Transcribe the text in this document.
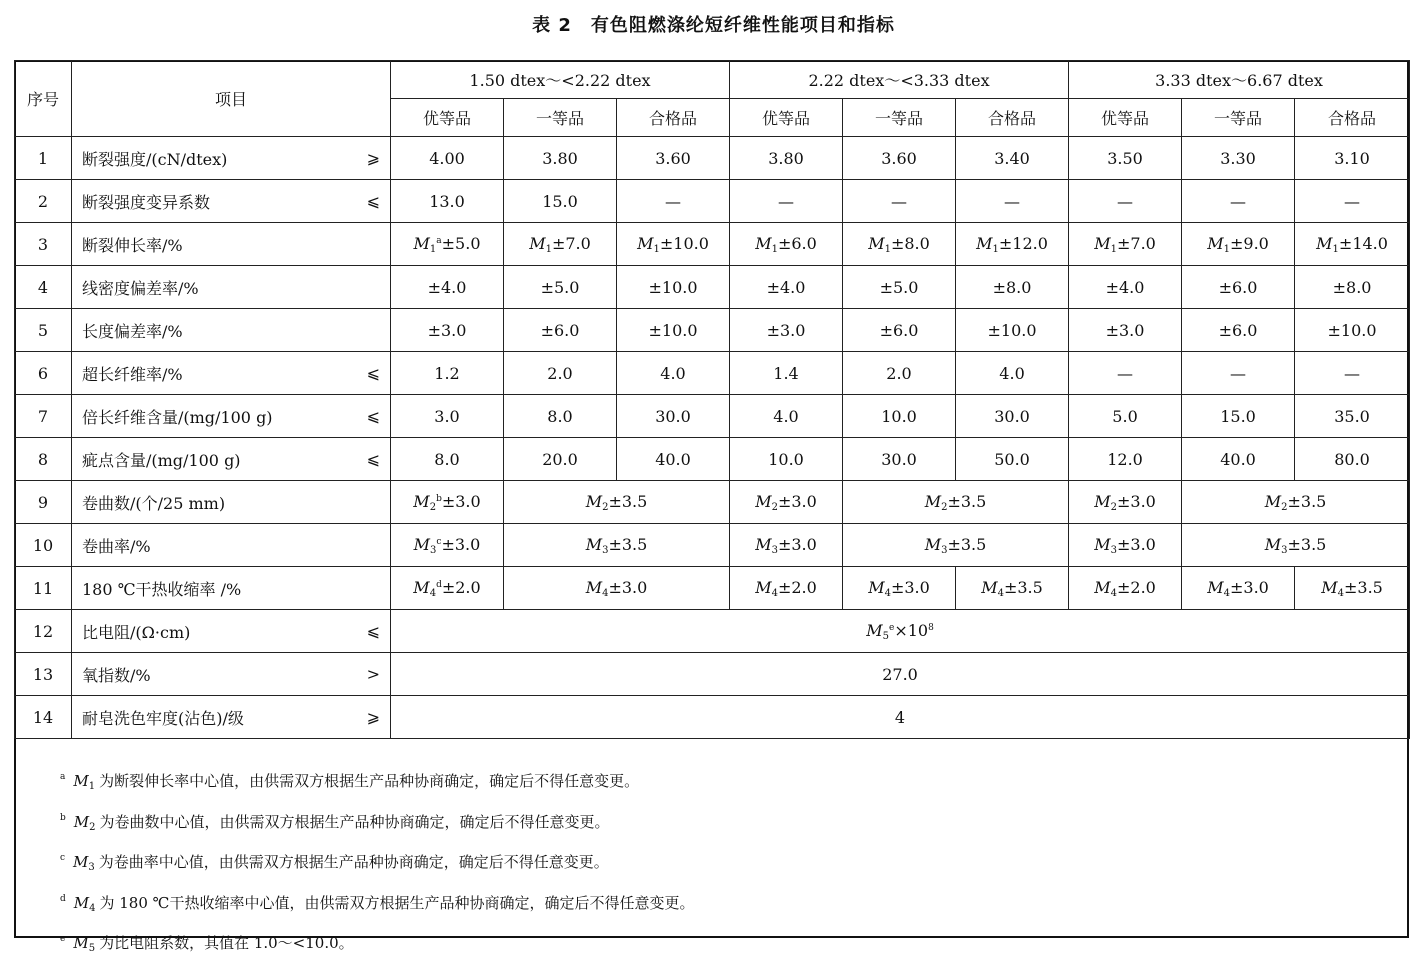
表 2　有色阻燃涤纶短纤维性能项目和指标
序号	项目	1.50 dtex～<2.22 dtex			2.22 dtex～<3.33 dtex			3.33 dtex～6.67 dtex		
		优等品	一等品	合格品	优等品	一等品	合格品	优等品	一等品	合格品
1	断裂强度/(cN/dtex) ⩾	4.00	3.80	3.60	3.80	3.60	3.40	3.50	3.30	3.10
2	断裂强度变异系数 ⩽	13.0	15.0	—	—	—	—	—	—	—
3	断裂伸长率/%	$M1^a\pm 5.0$	M1±7.0	M1±10.0	M1±6.0	M1±8.0	M1±12.0	M1±7.0	M1±9.0	M1±14.0
4	线密度偏差率/%	±4.0	±5.0	±10.0	±4.0	±5.0	±8.0	±4.0	±6.0	±8.0
5	长度偏差率/%	±3.0	±6.0	±10.0	±3.0	±6.0	±10.0	±3.0	±6.0	±10.0
6	超长纤维率/% ⩽	1.2	2.0	4.0	1.4	2.0	4.0	—	—	—
7	倍长纤维含量/(mg/100 g) ⩽	3.0	8.0	30.0	4.0	10.0	30.0	5.0	15.0	35.0
8	疵点含量/(mg/100 g) ⩽	8.0	20.0	40.0	10.0	30.0	50.0	12.0	40.0	80.0
9	卷曲数/(个/25 mm)	$M2^b\pm 3.0$	M2±3.5		M2±3.0	M2±3.5		M2±3.0	M2±3.5	
10	卷曲率/%	$M3^c\pm 3.0$	M3±3.5		M3±3.0	M3±3.5		M3±3.0	M3±3.5	
11	180 ℃干热收缩率 /%	$M4^d\pm 2.0$	M4±3.0		M4±2.0	M4±3.0	M4±3.5	M4±2.0	M4±3.0	M4±3.5
12	比电阻/(Ω·cm) ⩽	$M5^e\times 10^8$
13	氧指数/% >	27.0								
14	耐皂洗色牢度(沾色)/级 ⩾	4								
$^a$ $M_1$ 为断裂伸长率中心值，由供需双方根据生产品种协商确定，确定后不得任意变更。
$^b$ $M_2$ 为卷曲数中心值，由供需双方根据生产品种协商确定，确定后不得任意变更。
$^c$ $M_3$ 为卷曲率中心值，由供需双方根据生产品种协商确定，确定后不得任意变更。
$^d$ $M_4$ 为 180 ℃干热收缩率中心值，由供需双方根据生产品种协商确定，确定后不得任意变更。
$^e$ $M_5$ 为比电阻系数，其值在 1.0～<10.0。
